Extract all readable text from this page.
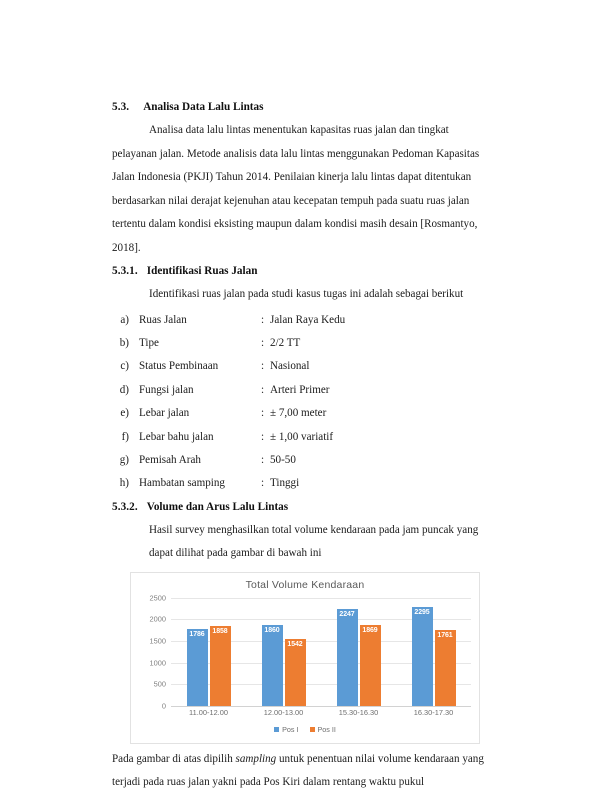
5.3. Analisa Data Lalu Lintas

Analisa data lalu lintas menentukan kapasitas ruas jalan dan tingkat pelayanan jalan. Metode analisis data lalu lintas menggunakan Pedoman Kapasitas Jalan Indonesia (PKJI) Tahun 2014. Penilaian kinerja lalu lintas dapat ditentukan berdasarkan nilai derajat kejenuhan atau kecepatan tempuh pada suatu ruas jalan tertentu dalam kondisi eksisting maupun dalam kondisi masih desain [Rosmantyo, 2018].

5.3.1. Identifikasi Ruas Jalan

Identifikasi ruas jalan pada studi kasus tugas ini adalah sebagai berikut

a) Ruas Jalan	: Jalan Raya Kedu
b) Tipe	: 2/2 TT
c) Status Pembinaan	: Nasional
d) Fungsi jalan	: Arteri Primer
e) Lebar jalan	: ± 7,00 meter
f) Lebar bahu jalan	: ± 1,00 variatif
g) Pemisah Arah	: 50-50
h) Hambatan samping	: Tinggi
5.3.2. Volume dan Arus Lalu Lintas

Hasil survey menghasilkan total volume kendaraan pada jam puncak yang dapat dilihat pada gambar di bawah ini

Total Volume Kendaraan
2500
2000
1500
1000
500
0
1786	1858	1860
1542
2247
1869
2295
1761
11.00-12.00	12.00-13.00	15.30-16.30	16.30-17.30
Pos I	Pos II

Pada gambar di atas dipilih sampling untuk penentuan nilai volume kendaraan yang terjadi pada ruas jalan yakni pada Pos Kiri dalam rentang waktu pukul
